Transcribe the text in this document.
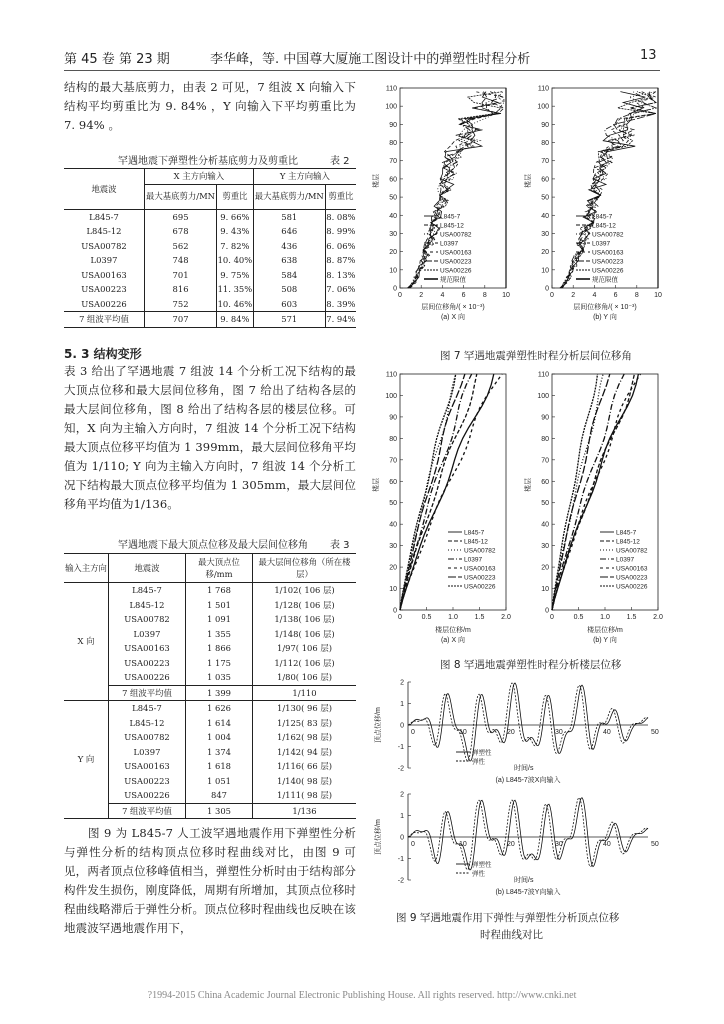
第 45 卷 第 23 期	李华峰，等. 中国尊大厦施工图设计中的弹塑性时程分析	13
结构的最大基底剪力，由表 2 可见，7 组波 X 向输入下结构平均剪重比为 9. 84% ，Y 向输入下平均剪重比为 7. 94% 。
罕遇地震下弹塑性分析基底剪力及剪重比	表 2
地震波	X 主方向输入		Y 主方向输入	
	最大基底剪力/MN	剪重比	最大基底剪力/MN	剪重比
L845-7	695	9. 66%	581	8. 08%
L845-12	678	9. 43%	646	8. 99%
USA00782	562	7. 82%	436	6. 06%
L0397	748	10. 40%	638	8. 87%
USA00163	701	9. 75%	584	8. 13%
USA00223	816	11. 35%	508	7. 06%
USA00226	752	10. 46%	603	8. 39%
7 组波平均值	707	9. 84%	571	7. 94%
5. 3 结构变形
表 3 给出了罕遇地震 7 组波 14 个分析工况下结构的最大顶点位移和最大层间位移角，图 7 给出了结构各层的最大层间位移角，图 8 给出了结构各层的楼层位移。可知，X 向为主输入方向时，7 组波 14 个分析工况下结构最大顶点位移平均值为 1 399mm，最大层间位移角平均值为 1/110; Y 向为主输入方向时，7 组波 14 个分析工况下结构最大顶点位移平均值为 1 305mm，最大层间位移角平均值为1/136。
罕遇地震下最大顶点位移及最大层间位移角 表 3
输入主方向	地震波	最大顶点位移/mm	最大层间位移角（所在楼层）
X 向	L845-7	1 768	1/102( 106 层)
	L845-12	1 501	1/128( 106 层)
	USA00782	1 091	1/138( 106 层)
	L0397	1 355	1/148( 106 层)
	USA00163	1 866	1/97( 106 层)
	USA00223	1 175	1/112( 106 层)
	USA00226	1 035	1/80( 106 层)
	7 组波平均值	1 399	1/110
Y 向	L845-7	1 626	1/130( 96 层)
	L845-12	1 614	1/125( 83 层)
	USA00782	1 004	1/162( 98 层)
	L0397	1 374	1/142( 94 层)
	USA00163	1 618	1/116( 66 层)
	USA00223	1 051	1/140( 98 层)
	USA00226	847	1/111( 98 层)
	7 组波平均值	1 305	1/136
图 9 为 L845-7 人工波罕遇地震作用下弹塑性分析与弹性分析的结构顶点位移时程曲线对比，由图 9 可见，两者顶点位移峰值相当，弹塑性分析时由于结构部分构件发生损伤，刚度降低，周期有所增加，其顶点位移时程曲线略滞后于弹性分析。顶点位移时程曲线也反映在该地震波罕遇地震作用下，
0
10
20
30
40
50
60
70
80
90
100
110
0 2 4 6 8 10
楼层
层间位移角/( × 10⁻³)
(a) X 向
L845-7
L845-12
USA00782
L0397
USA00163
USA00223
USA00226
规范限值
0
10
20
30
40
50
60
70
80
90
100
110
0 2 4 6 8 10
楼层
层间位移角/( × 10⁻³)
(b) Y 向
L845-7
L845-12
USA00782
L0397
USA00163
USA00223
USA00226
规范限值
图 7 罕遇地震弹塑性时程分析层间位移角
0
10
20
30
40
50
60
70
80
90
100
110
0	0.5 1.0 1.5 2.0
楼层
楼层位移/m
(a) X 向
L845-7
L845-12
USA00782
L0397
USA00163
USA00223
USA00226
0
10
20
30
40
50
60
70
80
90
100
110
0	0.5 1.0 1.5 2.0
楼层
楼层位移/m
(b) Y 向
L845-7
L845-12
USA00782
L0397
USA00163
USA00223
USA00226
图 8 罕遇地震弹塑性时程分析楼层位移
2
1
0
-1
-2
0	10	20	30	40	50
顶点位移/m
时间/s
(a) L845-7波X向输入
弹塑性
弹性
2
1
0
-1
-2
0	10	20	30	40	50
顶点位移/m
时间/s
(b) L845-7波Y向输入
弹塑性
弹性
图 9 罕遇地震作用下弹性与弹塑性分析顶点位移
时程曲线对比
?1994-2015 China Academic Journal Electronic Publishing House. All rights reserved. http://www.cnki.net
